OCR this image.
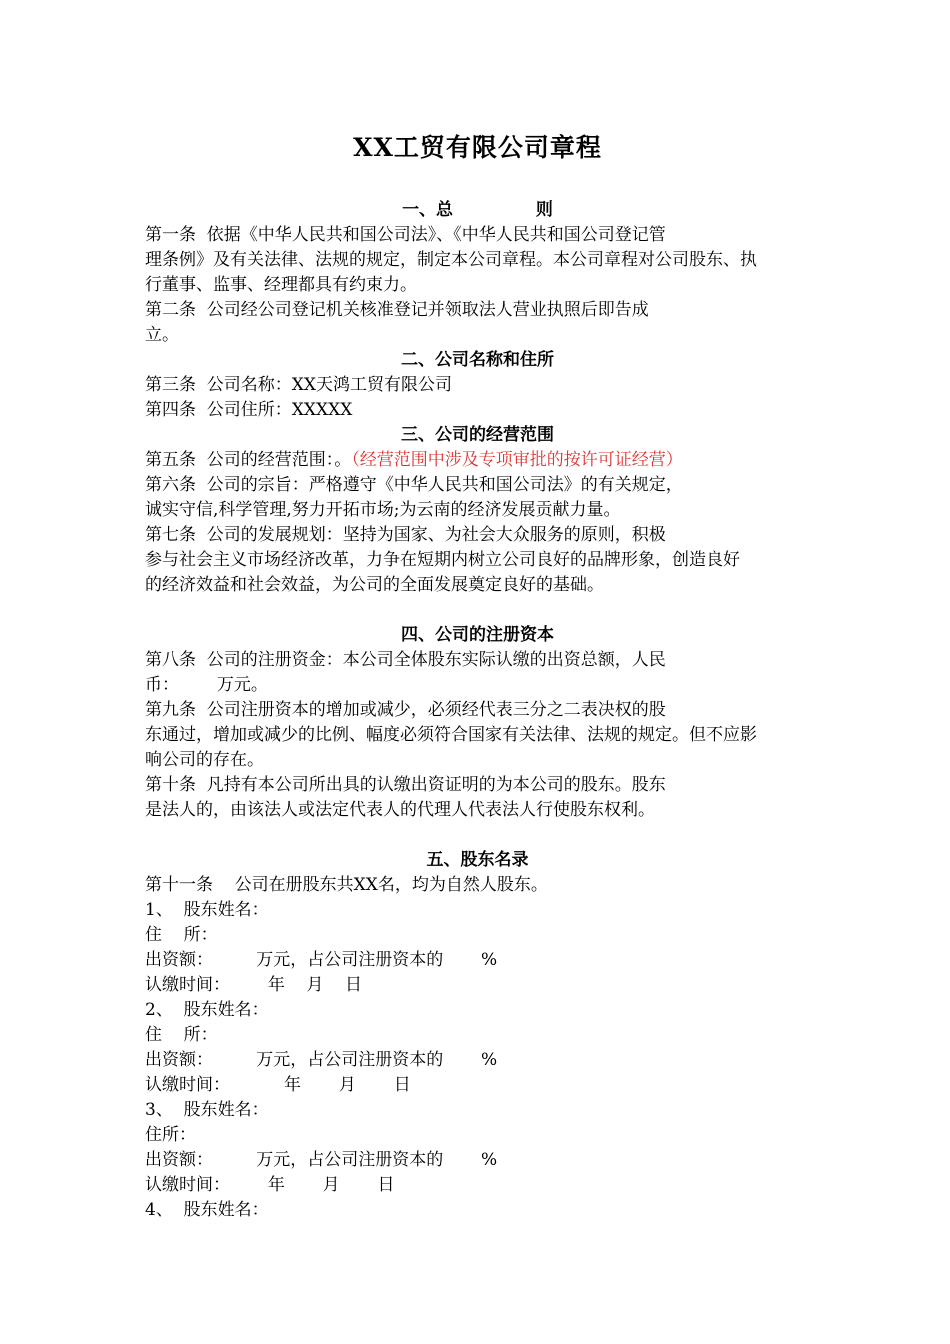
XX工贸有限公司章程
一、总              则
第一条  依据《中华人民共和国公司法》、《中华人民共和国公司登记管
理条例》及有关法律、法规的规定，制定本公司章程。本公司章程对公司股东、执
行董事、监事、经理都具有约束力。
第二条  公司经公司登记机关核准登记并领取法人营业执照后即告成
立。
二、公司名称和住所
第三条  公司名称：XX天鸿工贸有限公司
第四条  公司住所：XXXXX
三、公司的经营范围
第五条  公司的经营范围：。（经营范围中涉及专项审批的按许可证经营）
第六条  公司的宗旨：严格遵守《中华人民共和国公司法》的有关规定，
诚实守信,科学管理,努力开拓市场;为云南的经济发展贡献力量。
第七条  公司的发展规划：坚持为国家、为社会大众服务的原则，积极
参与社会主义市场经济改革，力争在短期内树立公司良好的品牌形象，创造良好
的经济效益和社会效益，为公司的全面发展奠定良好的基础。
四、公司的注册资本
第八条  公司的注册资金：本公司全体股东实际认缴的出资总额，人民
币：       万元。
第九条  公司注册资本的增加或减少，必须经代表三分之二表决权的股
东通过，增加或减少的比例、幅度必须符合国家有关法律、法规的规定。但不应影
响公司的存在。
第十条  凡持有本公司所出具的认缴出资证明的为本公司的股东。股东
是法人的，由该法人或法定代表人的代理人代表法人行使股东权利。
五、股东名录
第十一条    公司在册股东共XX名，均为自然人股东。
1、  股东姓名：
住    所：
出资额：        万元，占公司注册资本的       %
认缴时间：       年    月    日
2、  股东姓名：
住    所：
出资额：        万元，占公司注册资本的       %
认缴时间：          年       月       日
3、  股东姓名：
住所：
出资额：        万元，占公司注册资本的       %
认缴时间：       年       月       日
4、  股东姓名：
